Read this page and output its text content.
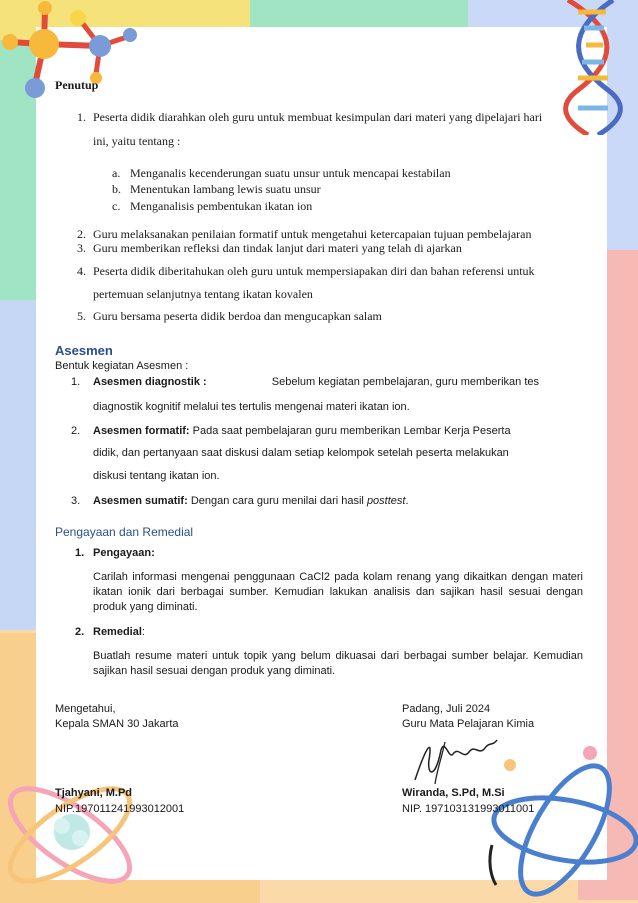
Penutup
1. Peserta didik diarahkan oleh guru untuk membuat kesimpulan dari materi yang dipelajari hari
ini, yaitu tentang :
a. Menganalis kecenderungan suatu unsur untuk mencapai kestabilan
b. Menentukan lambang lewis suatu unsur
c. Menganalisis pembentukan ikatan ion
2. Guru melaksanakan penilaian formatif untuk mengetahui ketercapaian tujuan pembelajaran
3. Guru memberikan refleksi dan tindak lanjut dari materi yang telah di ajarkan
4. Peserta didik diberitahukan oleh guru untuk mempersiapakan diri dan bahan referensi untuk
pertemuan selanjutnya tentang ikatan kovalen
5. Guru bersama peserta didik berdoa dan mengucapkan salam
Asesmen
Bentuk kegiatan Asesmen :
1. Asesmen diagnostik :	Sebelum kegiatan pembelajaran, guru memberikan tes
diagnostik kognitif melalui tes tertulis mengenai materi ikatan ion.
2. Asesmen formatif: Pada saat pembelajaran guru memberikan Lembar Kerja Peserta
didik, dan pertanyaan saat diskusi dalam setiap kelompok setelah peserta melakukan
diskusi tentang ikatan ion.
3. Asesmen sumatif: Dengan cara guru menilai dari hasil posttest.
Pengayaan dan Remedial
1. Pengayaan:
Carilah informasi mengenai penggunaan CaCl2 pada kolam renang yang dikaitkan dengan materi ikatan ionik dari berbagai sumber. Kemudian lakukan analisis dan sajikan hasil sesuai dengan produk yang diminati.
2. Remedial:
Buatlah resume materi untuk topik yang belum dikuasai dari berbagai sumber belajar. Kemudian sajikan hasil sesuai dengan produk yang diminati.
Mengetahui,
Kepala SMAN 30 Jakarta
Tjahyani, M.Pd
NIP.197011241993012001
Padang, Juli 2024
Guru Mata Pelajaran Kimia
Wiranda, S.Pd, M.Si
NIP. 197103131993011001
